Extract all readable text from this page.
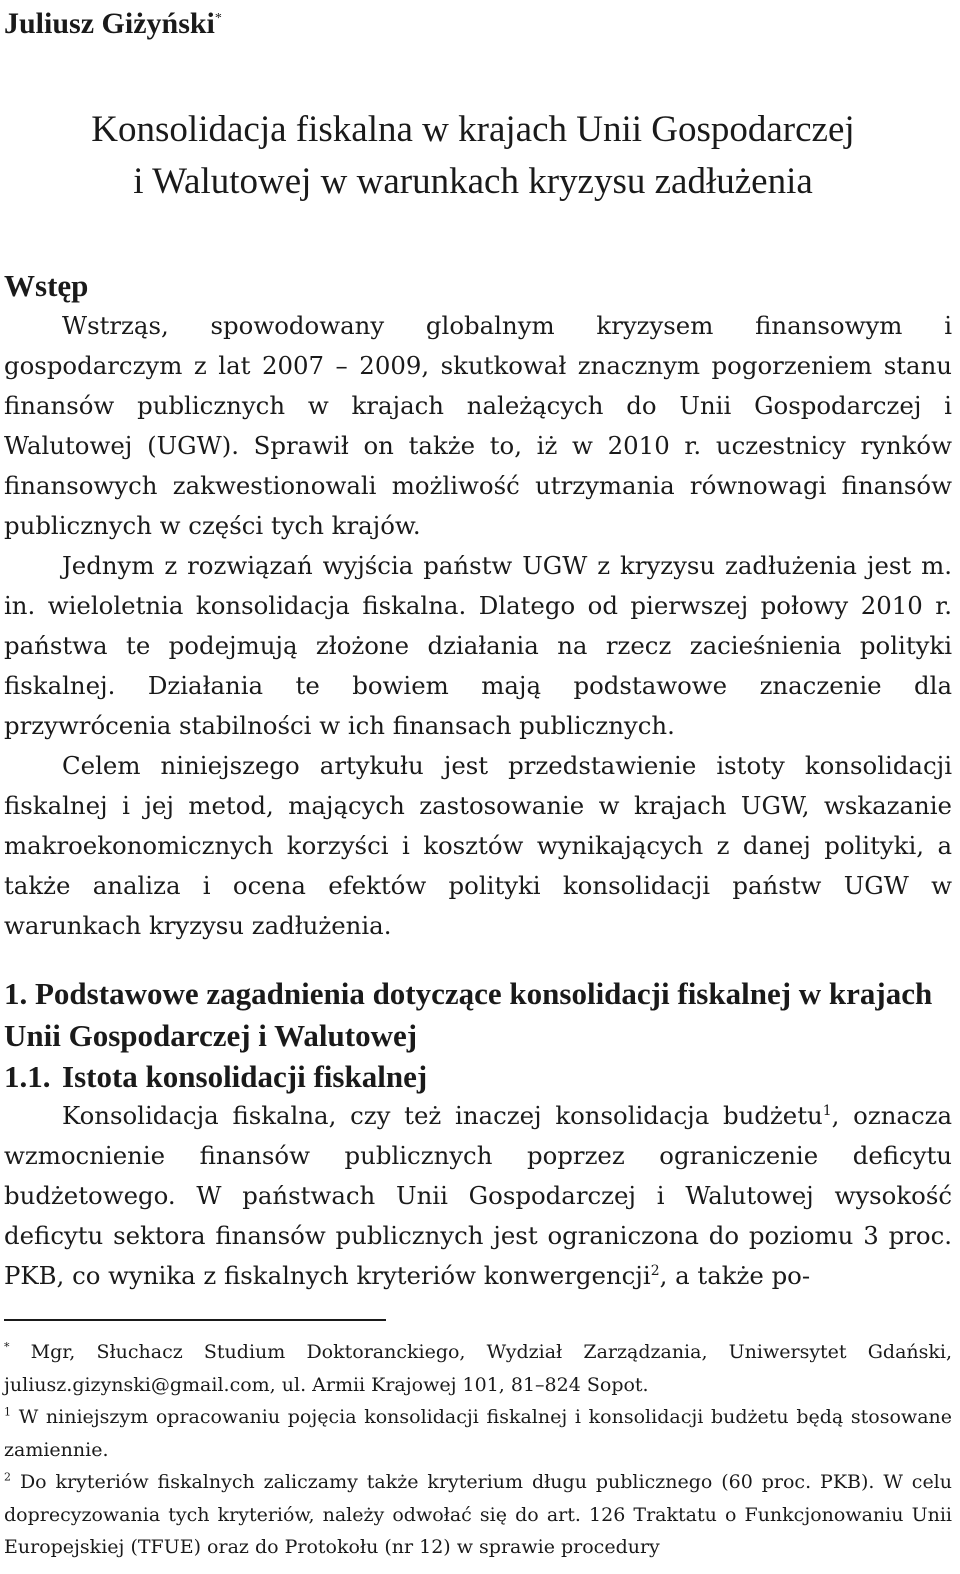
Juliusz Giżyński*
Konsolidacja fiskalna w krajach Unii Gospodarczej
i Walutowej w warunkach kryzysu zadłużenia
Wstęp

Wstrząs, spowodowany globalnym kryzysem finansowym i gospodarczym z lat 2007 – 2009, skutkował znacznym pogorzeniem stanu finansów publicznych w krajach należących do Unii Gospodarczej i Walutowej (UGW). Sprawił on także to, iż w 2010 r. uczestnicy rynków finansowych zakwestionowali możliwość utrzymania równowagi finansów publicznych w części tych krajów.

Jednym z rozwiązań wyjścia państw UGW z kryzysu zadłużenia jest m. in. wieloletnia konsolidacja fiskalna. Dlatego od pierwszej połowy 2010 r. państwa te podejmują złożone działania na rzecz zacieśnienia polityki fiskalnej. Działania te bowiem mają podstawowe znaczenie dla przywrócenia stabilności w ich finansach publicznych.

Celem niniejszego artykułu jest przedstawienie istoty konsolidacji fiskalnej i jej metod, mających zastosowanie w krajach UGW, wskazanie makroekonomicznych korzyści i kosztów wynikających z danej polityki, a także analiza i ocena efektów polityki konsolidacji państw UGW w warunkach kryzysu zadłużenia.

1. Podstawowe zagadnienia dotyczące konsolidacji fiskalnej w krajach Unii Gospodarczej i Walutowej
1.1. Istota konsolidacji fiskalnej

Konsolidacja fiskalna, czy też inaczej konsolidacja budżetu$^1$, oznacza wzmocnienie finansów publicznych poprzez ograniczenie deficytu budżetowego. W państwach Unii Gospodarczej i Walutowej wysokość deficytu sektora finansów publicznych jest ograniczona do poziomu 3 proc. PKB, co wynika z fiskalnych kryteriów konwergencji$^2$, a także po-

* Mgr, Słuchacz Studium Doktoranckiego, Wydział Zarządzania, Uniwersytet Gdański, juliusz.gizynski@gmail.com, ul. Armii Krajowej 101, 81–824 Sopot.

$^1$ W niniejszym opracowaniu pojęcia konsolidacji fiskalnej i konsolidacji budżetu będą stosowane zamiennie.

$^2$ Do kryteriów fiskalnych zaliczamy także kryterium długu publicznego (60 proc. PKB). W celu doprecyzowania tych kryteriów, należy odwołać się do art. 126 Traktatu o Funkcjonowaniu Unii Europejskiej (TFUE) oraz do Protokołu (nr 12) w sprawie procedury
